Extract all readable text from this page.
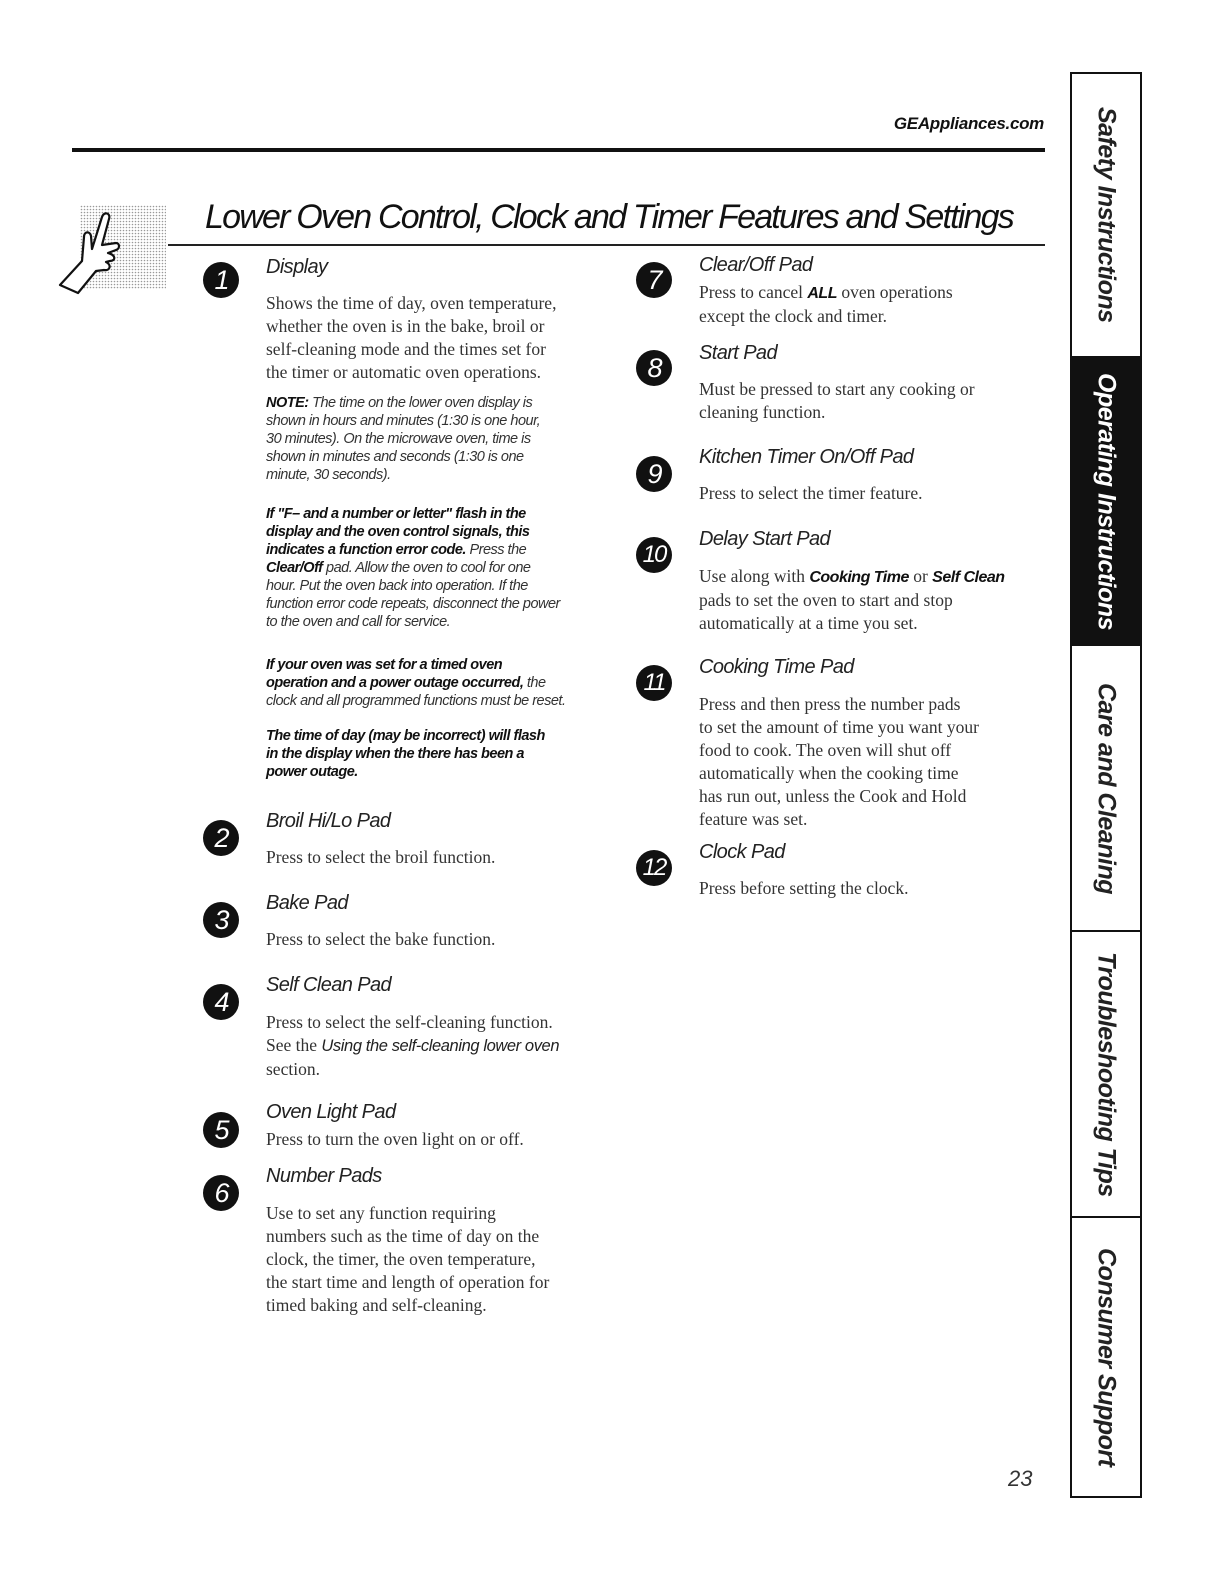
GEAppliances.com
Lower Oven Control, Clock and Timer Features and Settings
1 Display
Shows the time of day, oven temperature,
whether the oven is in the bake, broil or
self-cleaning mode and the times set for
the timer or automatic oven operations.
NOTE: The time on the lower oven display is
shown in hours and minutes (1:30 is one hour,
30 minutes). On the microwave oven, time is
shown in minutes and seconds (1:30 is one
minute, 30 seconds).
If "F– and a number or letter" flash in the
display and the oven control signals, this
indicates a function error code. Press the
Clear/Off pad. Allow the oven to cool for one
hour. Put the oven back into operation. If the
function error code repeats, disconnect the power
to the oven and call for service.
If your oven was set for a timed oven
operation and a power outage occurred, the
clock and all programmed functions must be reset.
The time of day (may be incorrect) will flash
in the display when the there has been a
power outage.
2
Broil Hi/Lo Pad
Press to select the broil function.
3
Bake Pad
Press to select the bake function.
4
Self Clean Pad
Press to select the self-cleaning function.
See the Using the self-cleaning lower oven
section.
5
Oven Light Pad
Press to turn the oven light on or off.
6
Number Pads
Use to set any function requiring
numbers such as the time of day on the
clock, the timer, the oven temperature,
the start time and length of operation for
timed baking and self-cleaning.
7 Clear/Off Pad
Press to cancel ALL oven operations
except the clock and timer.
8 Start Pad
Must be pressed to start any cooking or
cleaning function.
9
Kitchen Timer On/Off Pad
Press to select the timer feature.
10
Delay Start Pad
Use along with Cooking Time or Self Clean
pads to set the oven to start and stop
automatically at a time you set.
11
Cooking Time Pad
Press and then press the number pads
to set the amount of time you want your
food to cook. The oven will shut off
automatically when the cooking time
has run out, unless the Cook and Hold
feature was set.
12
Clock Pad
Press before setting the clock.
23
Safety Instructions
Operating Instructions
Care and Cleaning
Troubleshooting Tips
Consumer Support
